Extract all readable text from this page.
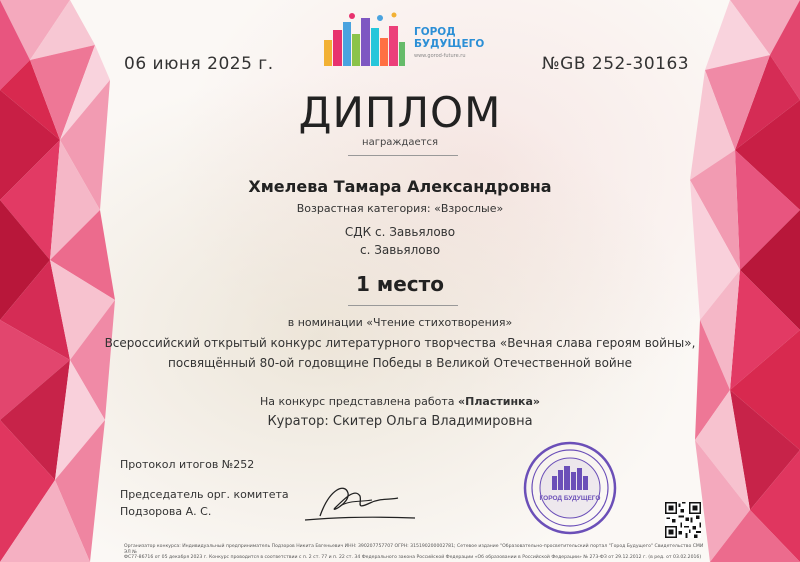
06 июня 2025 г.
ГОРОД
БУДУЩЕГО
www.gorod-future.ru	№GB 252-30163
ДИПЛОМ
награждается
Хмелева Тамара Александровна
Возрастная категория: «Взрослые»
СДК с. Завьялово
с. Завьялово
1 место
в номинации «Чтение стихотворения»
Всероссийский открытый конкурс литературного творчества «Вечная слава героям войны»,
посвящённый 80-ой годовщине Победы в Великой Отечественной войне
На конкурс представлена работа «Пластинка»
Куратор: Скитер Ольга Владимировна
Протокол итогов №252
Председатель орг. комитета
Подзорова А. С.
ГОРОД БУДУЩЕГО
Организатор конкурса: Индивидуальный предприниматель Подзоров Никита Евгеньевич ИНН: 390207757707 ОГРН: 315190200002781; Сетевое издание "Образовательно-просветительский портал "Город Будущего" Свидетельство СМИ ЭЛ №
ФС77-86716 от 05 декабря 2023 г. Конкурс проводится в соответствии с п. 2 ст. 77 и п. 22 ст. 34 Федерального закона Российской Федерации «Об образовании в Российской Федерации» № 273-ФЗ от 29.12.2012 г. (в ред. от 03.02.2016)
